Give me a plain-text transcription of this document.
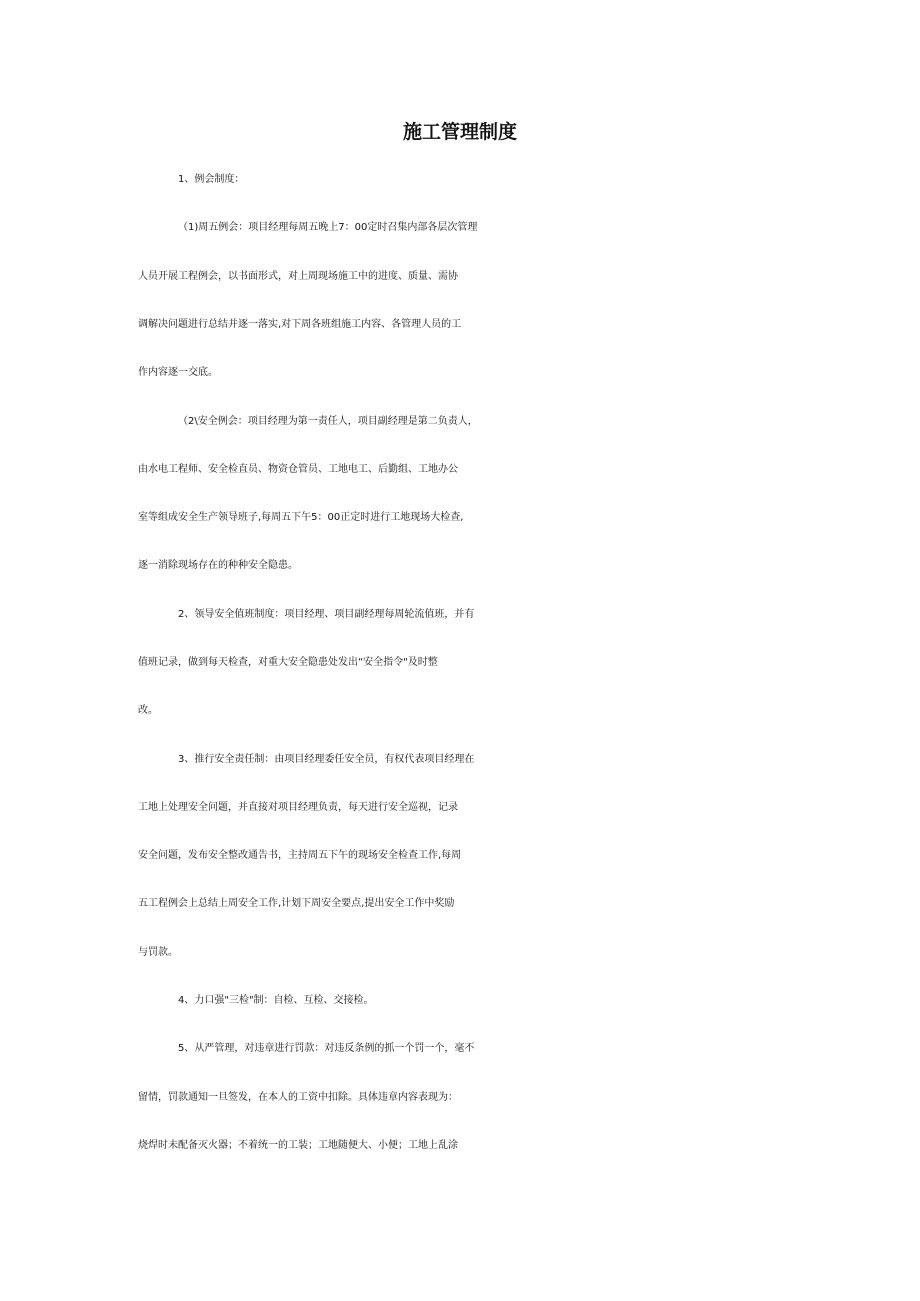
施工管理制度

1、例会制度：

（1)周五例会：项目经理每周五晚上7：00定时召集内部各层次管理

人员开展工程例会，以书面形式，对上周现场施工中的进度、质量、需协

调解决问题进行总结并逐一落实,对下周各班组施工内容、各管理人员的工

作内容逐一交底。

（2\安全例会：项目经理为第一责任人，项目副经理是第二负责人，

由水电工程师、安全检直员、物资仓管员、工地电工、后勤组、工地办公

室等组成安全生产领导班子,每周五下午5：00正定时进行工地现场大检查,

逐一消除现场存在的种种安全隐患。

2、领导安全值班制度：项目经理、项目副经理每周轮流值班，并有

值班记录，做到每天检查，对重大安全隐患处发出“安全指令"及时整

改。

3、推行安全责任制：由项目经理委任安全员，有权代表项目经理在

工地上处理安全问题，并直接对项目经理负责，每天进行安全巡视，记录

安全问题，发布安全整改通告书，主持周五下午的现场安全检查工作,每周

五工程例会上总结上周安全工作,计划下周安全要点,提出安全工作中奖励

与罚款。

4、力口强"三检"制：自检、互检、交接检。

5、从严管理，对违章进行罚款：对违反条例的抓一个罚一个，毫不

留情，罚款通知一旦签发，在本人的工资中扣除。具体违章内容表现为：

烧焊时未配备灭火器；不着统一的工装；工地随便大、小便；工地上乱涂
